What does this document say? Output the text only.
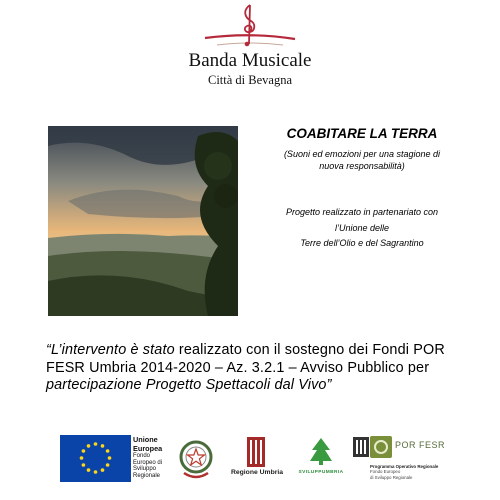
Banda Musicale
Città di Bevagna
COABITARE LA TERRA
(Suoni ed emozioni per una stagione di
nuova responsabilità)
Progetto realizzato in partenariato con
l’Unione delle
Terre dell’Olio e del Sagrantino
“L’intervento è stato realizzato con il sostegno dei Fondi POR FESR Umbria 2014-2020 – Az. 3.2.1 – Avviso Pubblico per partecipazione Progetto Spettacoli dal Vivo”
Unione
Europea
Fondo
Europeo di
Sviluppo
Regionale	Regione Umbria	SVILUPPUMBRIA
POR FESR
Programma Operativo Regionale
Fondo Europeo
di Sviluppo Regionale
